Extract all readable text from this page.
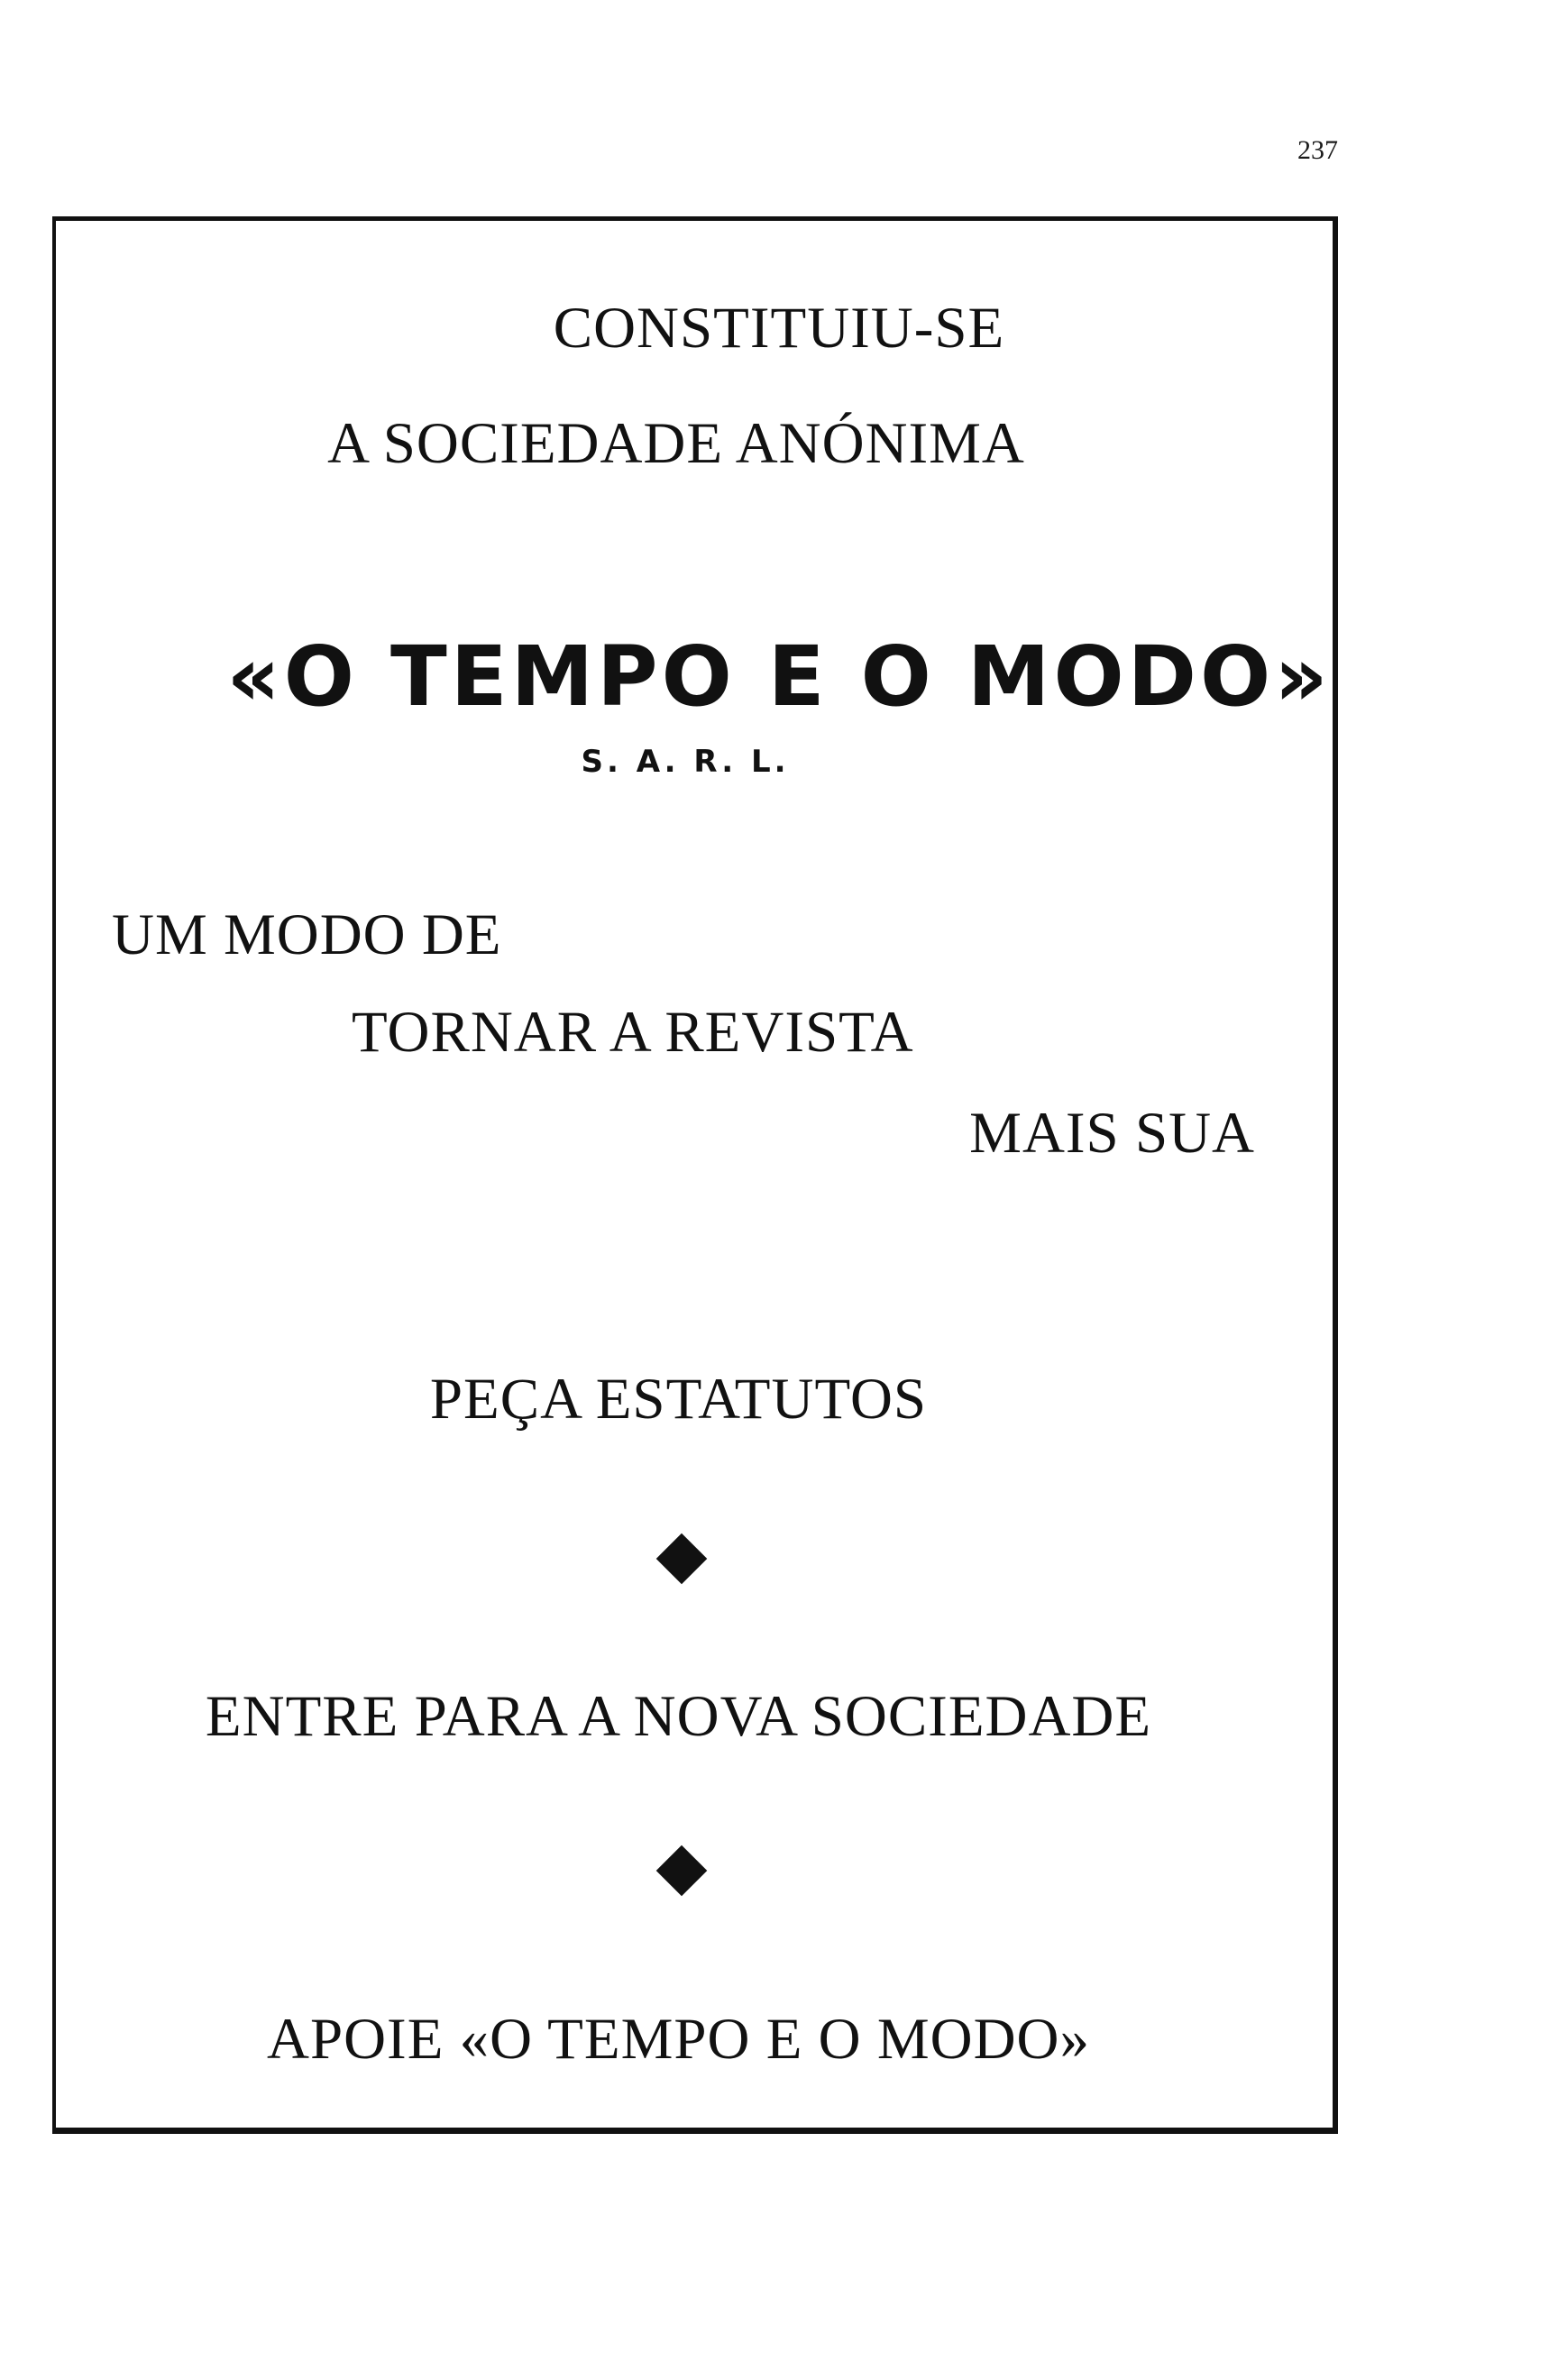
237
CONSTITUIU-SE
A SOCIEDADE ANÓNIMA
«O TEMPO E O MODO»
S. A. R. L.
UM MODO DE
TORNAR A REVISTA
MAIS SUA
PEÇA ESTATUTOS
ENTRE PARA A NOVA SOCIEDADE
APOIE «O TEMPO E O MODO»
